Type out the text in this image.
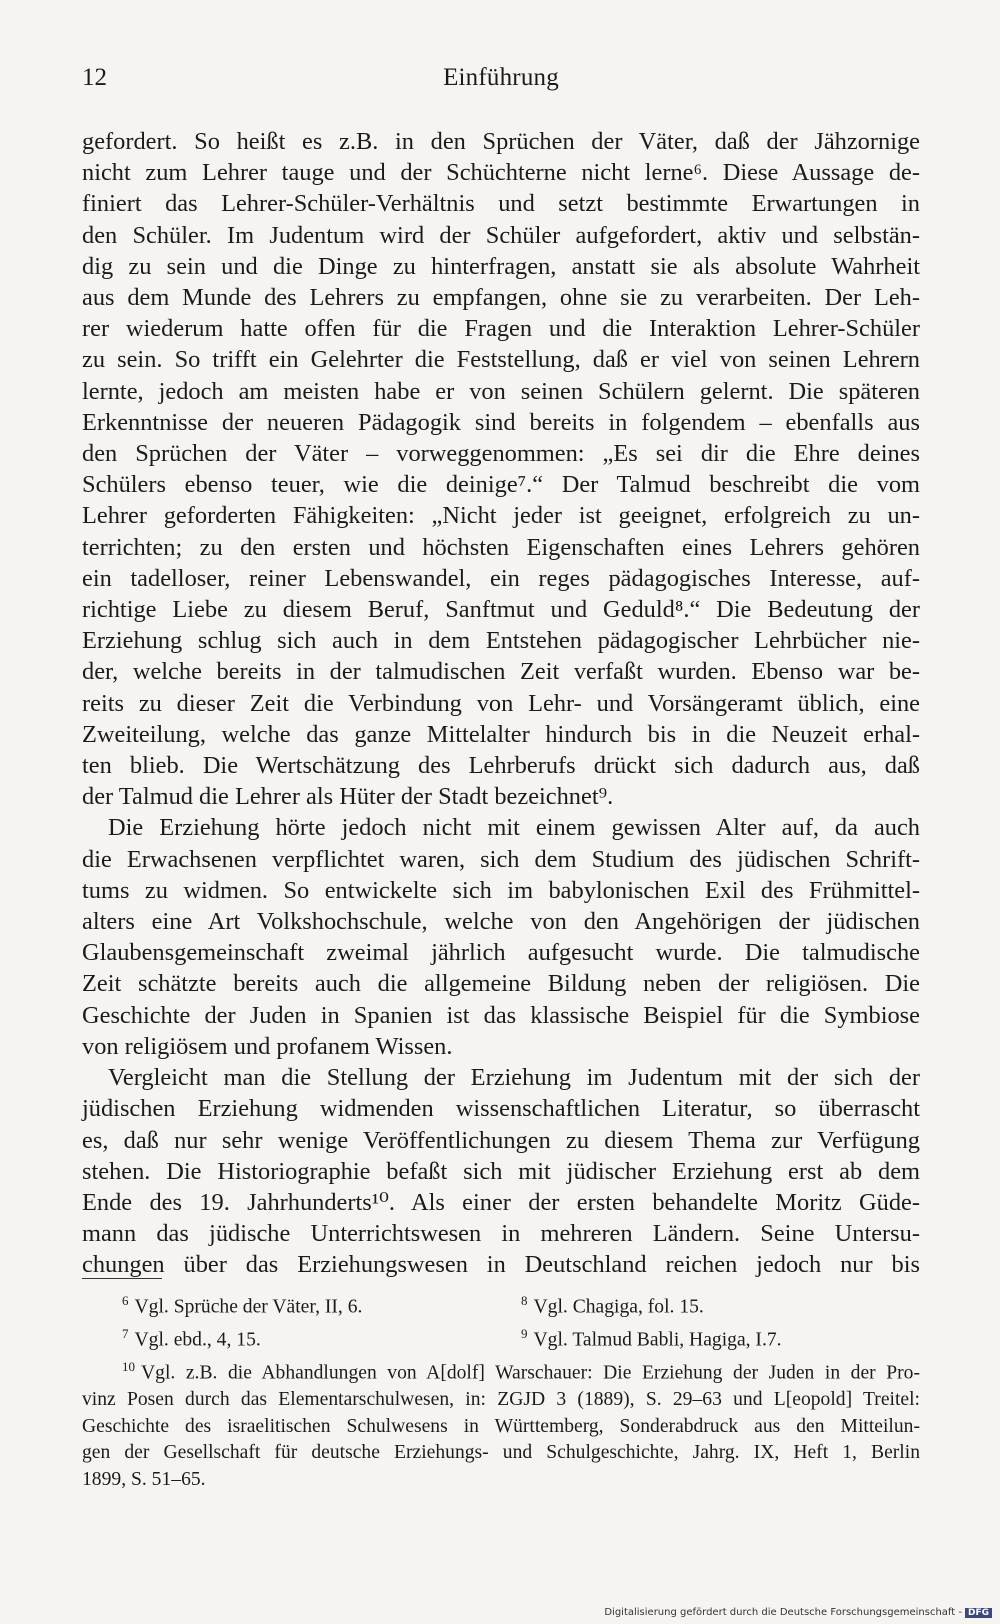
12	Einführung

gefordert. So heißt es z.B. in den Sprüchen der Väter, daß der Jähzornige
nicht zum Lehrer tauge und der Schüchterne nicht lerne⁶. Diese Aussage de-
finiert das Lehrer-Schüler-Verhältnis und setzt bestimmte Erwartungen in
den Schüler. Im Judentum wird der Schüler aufgefordert, aktiv und selbstän-
dig zu sein und die Dinge zu hinterfragen, anstatt sie als absolute Wahrheit
aus dem Munde des Lehrers zu empfangen, ohne sie zu verarbeiten. Der Leh-
rer wiederum hatte offen für die Fragen und die Interaktion Lehrer-Schüler
zu sein. So trifft ein Gelehrter die Feststellung, daß er viel von seinen Lehrern
lernte, jedoch am meisten habe er von seinen Schülern gelernt. Die späteren
Erkenntnisse der neueren Pädagogik sind bereits in folgendem – ebenfalls aus
den Sprüchen der Väter – vorweggenommen: „Es sei dir die Ehre deines
Schülers ebenso teuer, wie die deinige⁷.“ Der Talmud beschreibt die vom
Lehrer geforderten Fähigkeiten: „Nicht jeder ist geeignet, erfolgreich zu un-
terrichten; zu den ersten und höchsten Eigenschaften eines Lehrers gehören
ein tadelloser, reiner Lebenswandel, ein reges pädagogisches Interesse, auf-
richtige Liebe zu diesem Beruf, Sanftmut und Geduld⁸.“ Die Bedeutung der
Erziehung schlug sich auch in dem Entstehen pädagogischer Lehrbücher nie-
der, welche bereits in der talmudischen Zeit verfaßt wurden. Ebenso war be-
reits zu dieser Zeit die Verbindung von Lehr- und Vorsängeramt üblich, eine
Zweiteilung, welche das ganze Mittelalter hindurch bis in die Neuzeit erhal-
ten blieb. Die Wertschätzung des Lehrberufs drückt sich dadurch aus, daß
der Talmud die Lehrer als Hüter der Stadt bezeichnet⁹.

Die Erziehung hörte jedoch nicht mit einem gewissen Alter auf, da auch
die Erwachsenen verpflichtet waren, sich dem Studium des jüdischen Schrift-
tums zu widmen. So entwickelte sich im babylonischen Exil des Frühmittel-
alters eine Art Volkshochschule, welche von den Angehörigen der jüdischen
Glaubensgemeinschaft zweimal jährlich aufgesucht wurde. Die talmudische
Zeit schätzte bereits auch die allgemeine Bildung neben der religiösen. Die
Geschichte der Juden in Spanien ist das klassische Beispiel für die Symbiose
von religiösem und profanem Wissen.

Vergleicht man die Stellung der Erziehung im Judentum mit der sich der
jüdischen Erziehung widmenden wissenschaftlichen Literatur, so überrascht
es, daß nur sehr wenige Veröffentlichungen zu diesem Thema zur Verfügung
stehen. Die Historiographie befaßt sich mit jüdischer Erziehung erst ab dem
Ende des 19. Jahrhunderts¹⁰. Als einer der ersten behandelte Moritz Güde-
mann das jüdische Unterrichtswesen in mehreren Ländern. Seine Untersu-
chungen über das Erziehungswesen in Deutschland reichen jedoch nur bis

$^6$ Vgl. Sprüche der Väter, II, 6.	$^8$ Vgl. Chagiga, fol. 15.
$^7$ Vgl. ebd., 4, 15.	$^9$ Vgl. Talmud Babli, Hagiga, I.7.
$^{10}$ Vgl. z.B. die Abhandlungen von A[dolf] Warschauer: Die Erziehung der Juden in der Pro-
vinz Posen durch das Elementarschulwesen, in: ZGJD 3 (1889), S. 29–63 und L[eopold] Treitel:
Geschichte des israelitischen Schulwesens in Württemberg, Sonderabdruck aus den Mitteilun-
gen der Gesellschaft für deutsche Erziehungs- und Schulgeschichte, Jahrg. IX, Heft 1, Berlin
1899, S. 51–65.
Digitalisierung gefördert durch die Deutsche Forschungsgemeinschaft - DFG
